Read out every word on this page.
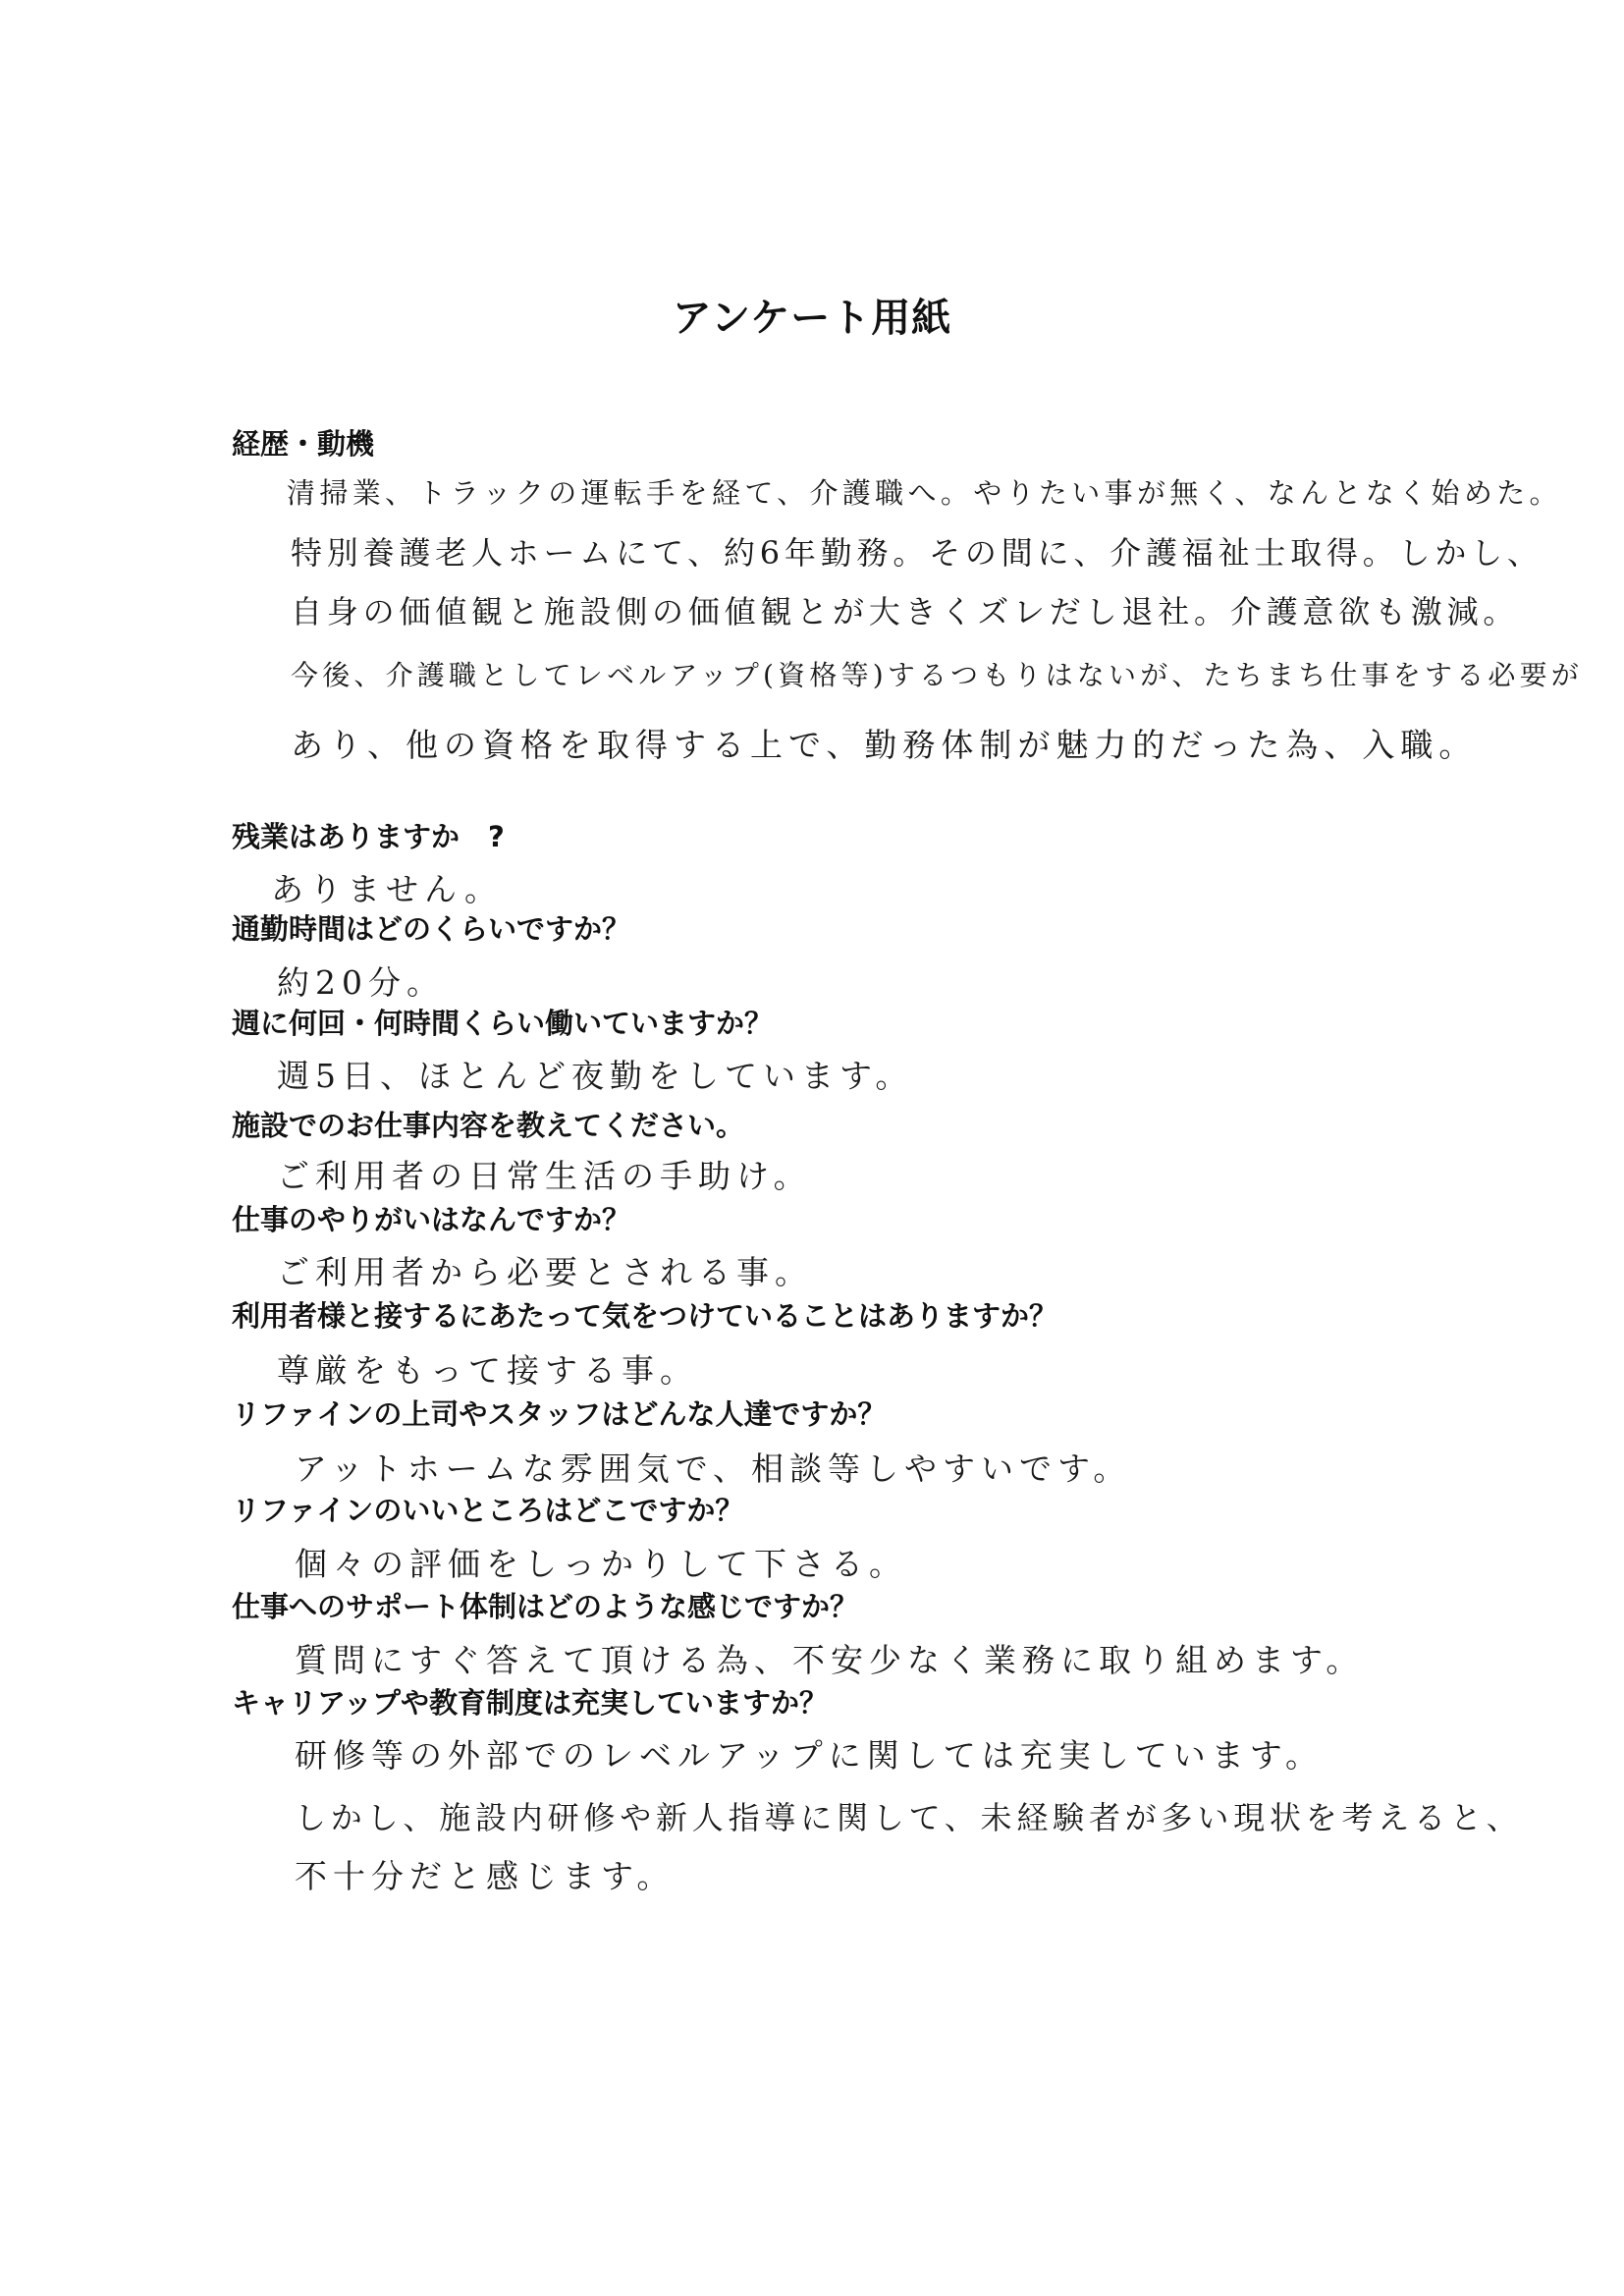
アンケート用紙
経歴・動機
清掃業、トラックの運転手を経て、介護職へ。やりたい事が無く、なんとなく始めた。
特別養護老人ホームにて、約6年勤務。その間に、介護福祉士取得。しかし、
自身の価値観と施設側の価値観とが大きくズレだし退社。介護意欲も激減。
今後、介護職としてレベルアップ(資格等)するつもりはないが、たちまち仕事をする必要が
あり、他の資格を取得する上で、勤務体制が魅力的だった為、入職。
残業はありますか　?
ありません。
通勤時間はどのくらいですか？
約20分。
週に何回・何時間くらい働いていますか？
週5日、ほとんど夜勤をしています。
施設でのお仕事内容を教えてください。
ご利用者の日常生活の手助け。
仕事のやりがいはなんですか？
ご利用者から必要とされる事。
利用者様と接するにあたって気をつけていることはありますか？
尊厳をもって接する事。
リファインの上司やスタッフはどんな人達ですか？
アットホームな雰囲気で、相談等しやすいです。
リファインのいいところはどこですか？
個々の評価をしっかりして下さる。
仕事へのサポート体制はどのような感じですか？
質問にすぐ答えて頂ける為、不安少なく業務に取り組めます。
キャリアップや教育制度は充実していますか？
研修等の外部でのレベルアップに関しては充実しています。
しかし、施設内研修や新人指導に関して、未経験者が多い現状を考えると、
不十分だと感じます。
